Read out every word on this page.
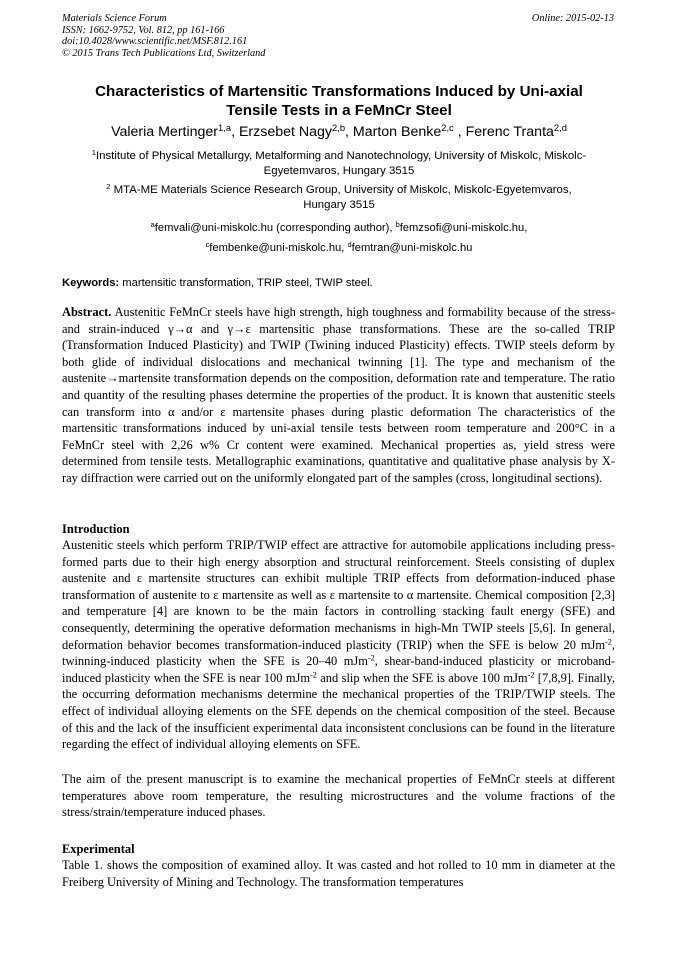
Materials Science Forum
ISSN: 1662-9752, Vol. 812, pp 161-166
doi:10.4028/www.scientific.net/MSF.812.161
© 2015 Trans Tech Publications Ltd, Switzerland
Online: 2015-02-13
Characteristics of Martensitic Transformations Induced by Uni-axial
Tensile Tests in a FeMnCr Steel
Valeria Mertinger$^{1,a}$, Erzsebet Nagy$^{2,b}$, Marton Benke$^{2,c}$ , Ferenc Tranta$^{2,d}$
$^1$Institute of Physical Metallurgy, Metalforming and Nanotechnology, University of Miskolc, Miskolc-
Egyetemvaros, Hungary 3515
$^2$ MTA-ME Materials Science Research Group, University of Miskolc, Miskolc-Egyetemvaros,
Hungary 3515
$^a$femvali@uni-miskolc.hu (corresponding author), $^b$femzsofi@uni-miskolc.hu,
$^c$fembenke@uni-miskolc.hu, $^d$femtran@uni-miskolc.hu
Keywords: martensitic transformation, TRIP steel, TWIP steel.

Abstract. Austenitic FeMnCr steels have high strength, high toughness and formability because of the stress- and strain-induced γ→α and γ→ε martensitic phase transformations. These are the so-called TRIP (Transformation Induced Plasticity) and TWIP (Twining induced Plasticity) effects. TWIP steels deform by both glide of individual dislocations and mechanical twinning [1]. The type and mechanism of the austenite→martensite transformation depends on the composition, deformation rate and temperature. The ratio and quantity of the resulting phases determine the properties of the product. It is known that austenitic steels can transform into α and/or ε martensite phases during plastic deformation The characteristics of the martensitic transformations induced by uni-axial tensile tests between room temperature and 200°C in a FeMnCr steel with 2,26 w% Cr content were examined. Mechanical properties as, yield stress were determined from tensile tests. Metallographic examinations, quantitative and qualitative phase analysis by X-ray diffraction were carried out on the uniformly elongated part of the samples (cross, longitudinal sections).

Introduction

Austenitic steels which perform TRIP/TWIP effect are attractive for automobile applications including press-formed parts due to their high energy absorption and structural reinforcement. Steels consisting of duplex austenite and ε martensite structures can exhibit multiple TRIP effects from deformation-induced phase transformation of austenite to ε martensite as well as ε martensite to α martensite. Chemical composition [2,3] and temperature [4] are known to be the main factors in controlling stacking fault energy (SFE) and consequently, determining the operative deformation mechanisms in high-Mn TWIP steels [5,6]. In general, deformation behavior becomes transformation-induced plasticity (TRIP) when the SFE is below 20 mJm$^{-2}$, twinning-induced plasticity when the SFE is 20–40 mJm$^{-2}$, shear-band-induced plasticity or microband-induced plasticity when the SFE is near 100 mJm$^{-2}$ and slip when the SFE is above 100 mJm$^{-2}$ [7,8,9]. Finally, the occurring deformation mechanisms determine the mechanical properties of the TRIP/TWIP steels. The effect of individual alloying elements on the SFE depends on the chemical composition of the steel. Because of this and the lack of the insufficient experimental data inconsistent conclusions can be found in the literature regarding the effect of individual alloying elements on SFE.

The aim of the present manuscript is to examine the mechanical properties of FeMnCr steels at different temperatures above room temperature, the resulting microstructures and the volume fractions of the stress/strain/temperature induced phases.

Experimental

Table 1. shows the composition of examined alloy. It was casted and hot rolled to 10 mm in diameter at the Freiberg University of Mining and Technology. The transformation temperatures
